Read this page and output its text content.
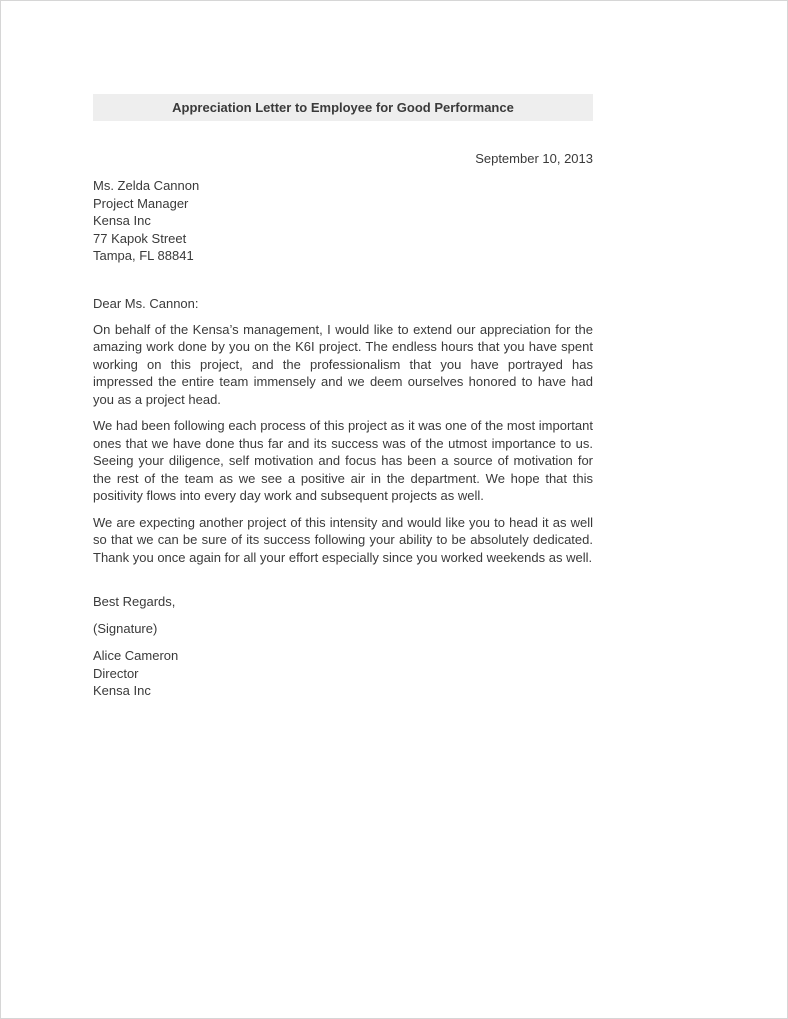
Appreciation Letter to Employee for Good Performance
September 10, 2013
Ms. Zelda Cannon
Project Manager
Kensa Inc
77 Kapok Street
Tampa, FL 88841
Dear Ms. Cannon:
On behalf of the Kensa’s management, I would like to extend our appreciation for the amazing work done by you on the K6I project. The endless hours that you have spent working on this project, and the professionalism that you have portrayed has impressed the entire team immensely and we deem ourselves honored to have had you as a project head.
We had been following each process of this project as it was one of the most important ones that we have done thus far and its success was of the utmost importance to us. Seeing your diligence, self motivation and focus has been a source of motivation for the rest of the team as we see a positive air in the department. We hope that this positivity flows into every day work and subsequent projects as well.
We are expecting another project of this intensity and would like you to head it as well so that we can be sure of its success following your ability to be absolutely dedicated. Thank you once again for all your effort especially since you worked weekends as well.
Best Regards,
(Signature)
Alice Cameron
Director
Kensa Inc
